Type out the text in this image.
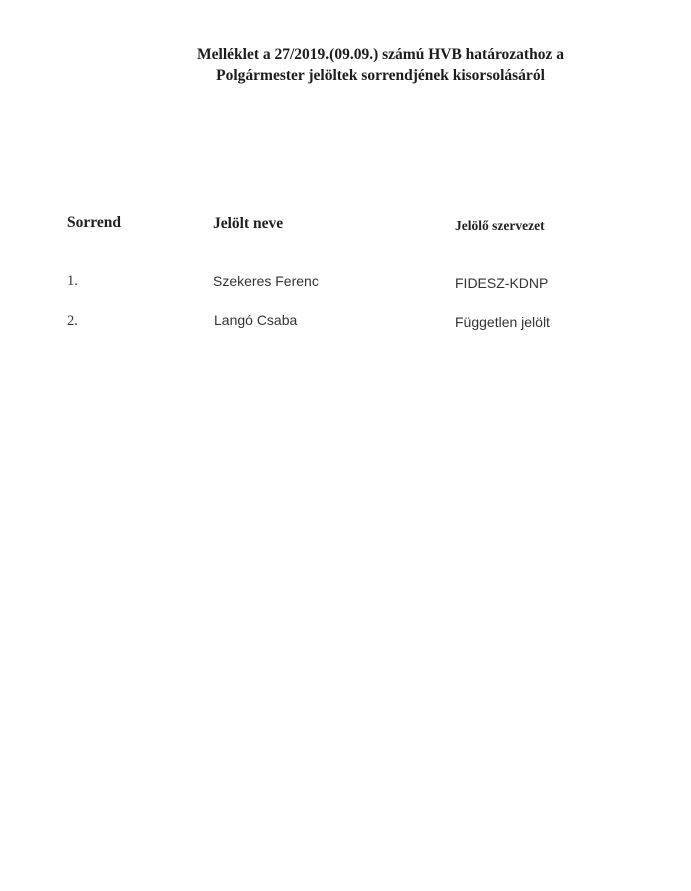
Melléklet a 27/2019.(09.09.) számú HVB határozathoz a
Polgármester jelöltek sorrendjének kisorsolásáról
Sorrend	Jelölt neve	Jelölő szervezet
1.	Szekeres Ferenc	FIDESZ-KDNP
2.	Langó Csaba	Független jelölt
